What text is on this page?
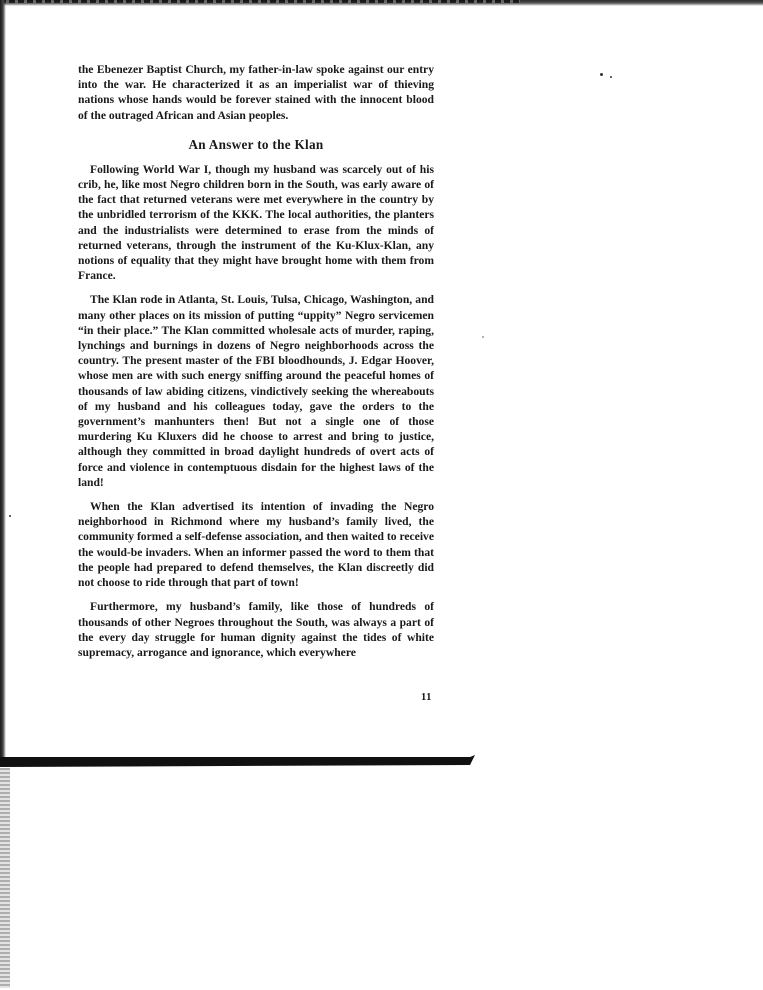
the Ebenezer Baptist Church, my father-in-law spoke against our entry into the war. He characterized it as an imperialist war of thieving nations whose hands would be forever stained with the innocent blood of the outraged African and Asian peoples.

An Answer to the Klan

Following World War I, though my husband was scarcely out of his crib, he, like most Negro children born in the South, was early aware of the fact that returned veterans were met everywhere in the country by the unbridled terrorism of the KKK. The local authorities, the planters and the industrialists were determined to erase from the minds of returned veterans, through the instrument of the Ku-Klux-Klan, any notions of equality that they might have brought home with them from France.

The Klan rode in Atlanta, St. Louis, Tulsa, Chicago, Washington, and many other places on its mission of putting “uppity” Negro servicemen “in their place.” The Klan committed wholesale acts of murder, raping, lynchings and burnings in dozens of Negro neighborhoods across the country. The present master of the FBI bloodhounds, J. Edgar Hoover, whose men are with such energy sniffing around the peaceful homes of thousands of law abiding citizens, vindictively seeking the whereabouts of my husband and his colleagues today, gave the orders to the government’s manhunters then! But not a single one of those murdering Ku Kluxers did he choose to arrest and bring to justice, although they committed in broad daylight hundreds of overt acts of force and violence in contemptuous disdain for the highest laws of the land!

When the Klan advertised its intention of invading the Negro neighborhood in Richmond where my husband’s family lived, the community formed a self-defense association, and then waited to receive the would-be invaders. When an informer passed the word to them that the people had prepared to defend themselves, the Klan discreetly did not choose to ride through that part of town!

Furthermore, my husband’s family, like those of hundreds of thousands of other Negroes throughout the South, was always a part of the every day struggle for human dignity against the tides of white supremacy, arrogance and ignorance, which everywhere

11
